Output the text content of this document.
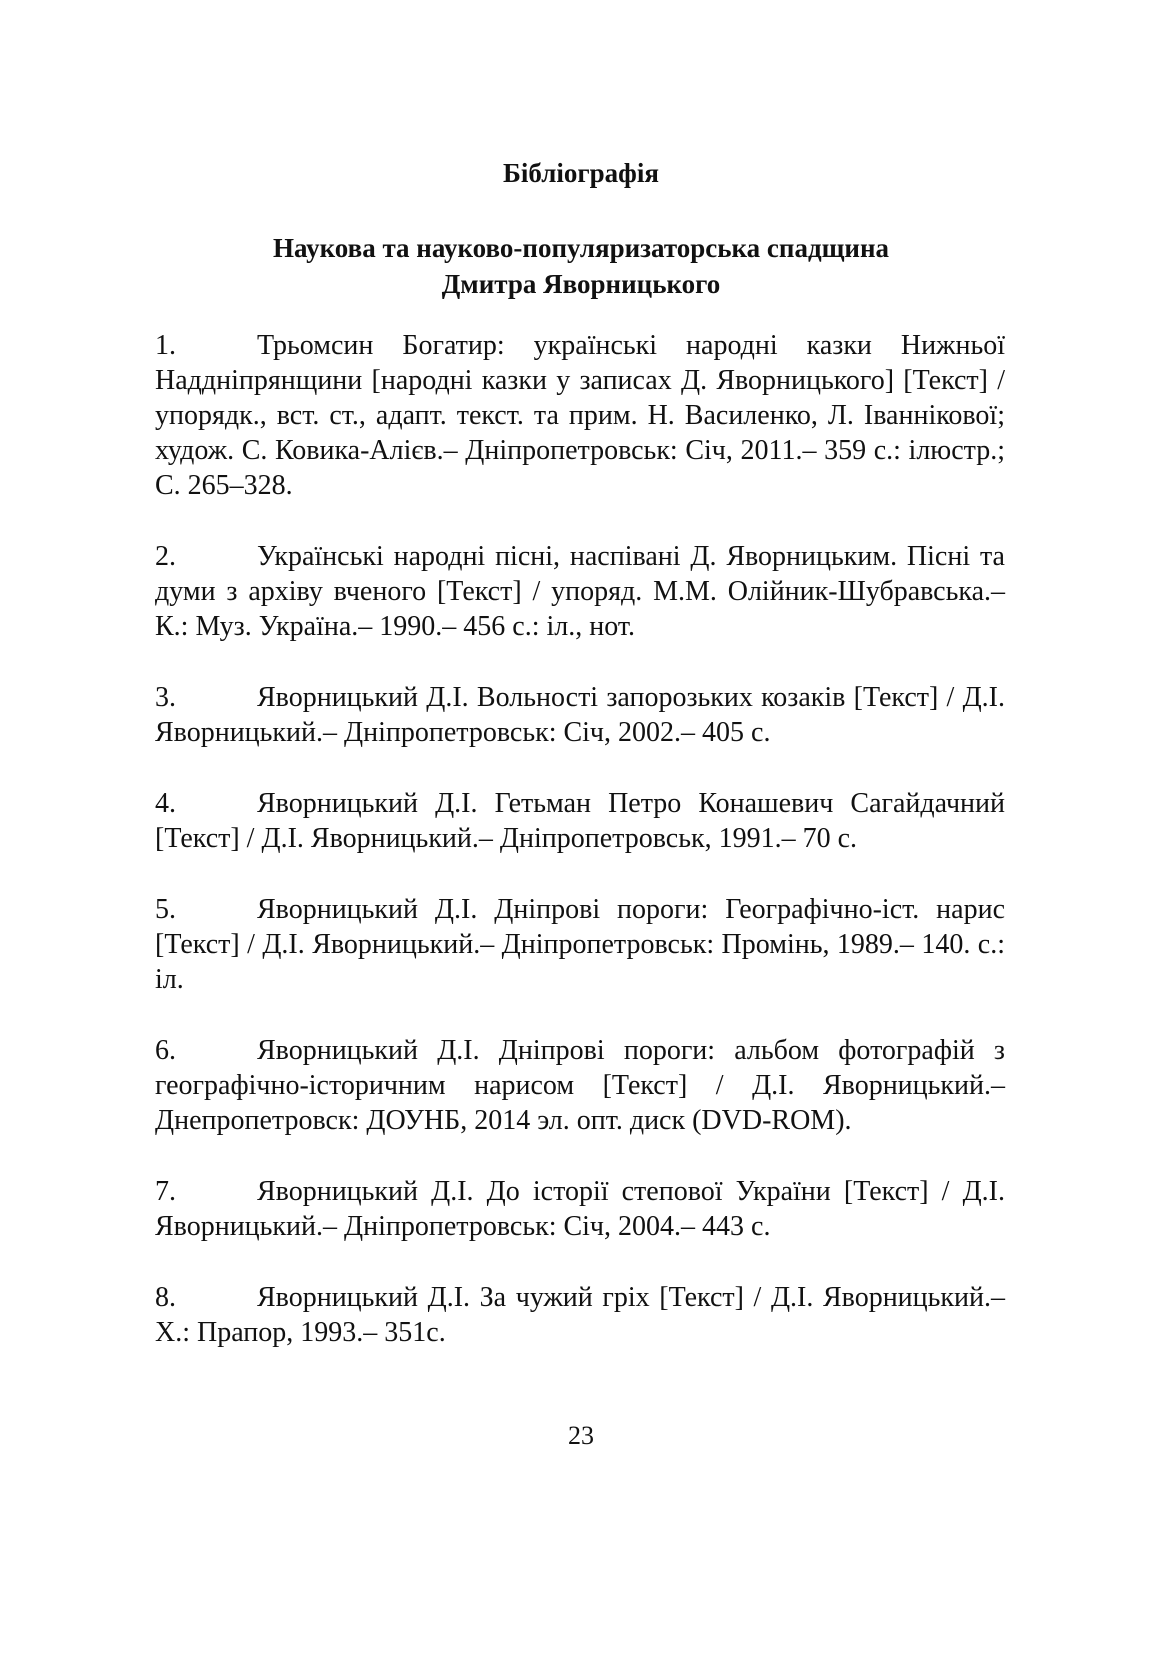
Бібліографія
Наукова та науково-популяризаторська спадщина
Дмитра Яворницького
1.	Трьомсин Богатир: українські народні казки Нижньої Наддніпрянщини [народні казки у записах Д. Яворницького] [Текст] / упорядк., вст. ст., адапт. текст. та прим. Н. Василенко, Л. Іваннікової; худож. С. Ковика-Алієв.– Дніпропетровськ: Січ, 2011.– 359 с.: ілюстр.; С. 265–328.
2.	Українські народні пісні, наспівані Д. Яворницьким. Пісні та думи з архіву вченого [Текст] / упоряд. М.М. Олійник-Шубравська.– К.: Муз. Україна.– 1990.– 456 с.: іл., нот.
3.	Яворницький Д.І. Вольності запорозьких козаків [Текст] / Д.І. Яворницький.– Дніпропетровськ: Січ, 2002.– 405 с.
4.	Яворницький Д.І. Гетьман Петро Конашевич Сагайдачний [Текст] / Д.І. Яворницький.– Дніпропетровськ, 1991.– 70 с.
5.	Яворницький Д.І. Дніпрові пороги: Географічно-іст. нарис [Текст] / Д.І. Яворницький.– Дніпропетровськ: Промінь, 1989.– 140. с.: іл.
6.	Яворницький Д.І. Дніпрові пороги: альбом фотографій з географічно-історичним нарисом [Текст] / Д.І. Яворницький.– Днепропетровск: ДОУНБ, 2014 эл. опт. диск (DVD-ROM).
7.	Яворницький Д.І. До історії степової України [Текст] / Д.І. Яворницький.– Дніпропетровськ: Січ, 2004.– 443 с.
8.	Яворницький Д.І. За чужий гріх [Текст] / Д.І. Яворницький.– Х.: Прапор, 1993.– 351с.
23
